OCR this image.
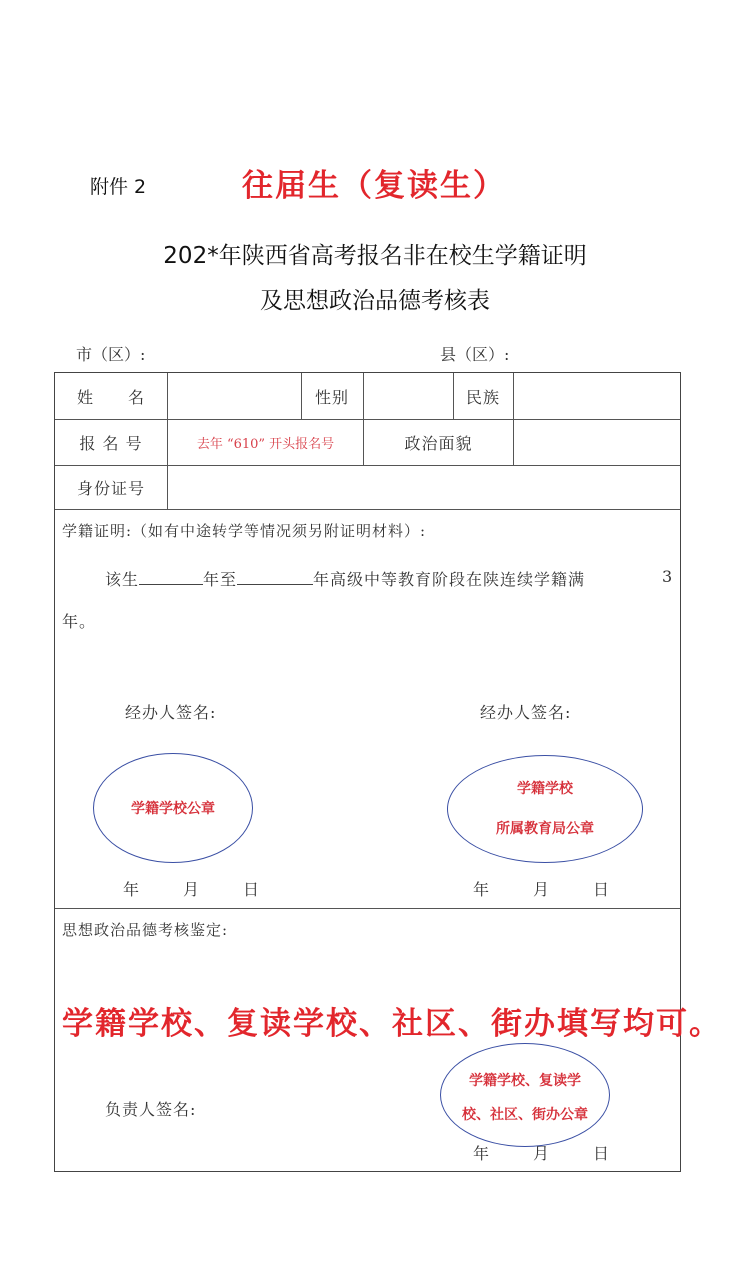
附件 2	往届生（复读生）
202*年陕西省高考报名非在校生学籍证明
及思想政治品德考核表
市（区）:	县（区）:
姓　　名	性别	民族
报 名 号	去年 “610” 开头报名号	政治面貌
身份证号
学籍证明:（如有中途转学等情况须另附证明材料）:
该生	年至	年高级中等教育阶段在陕连续学籍满	3
年。
经办人签名:	经办人签名:
学籍学校公章
学籍学校
所属教育局公章
年	月	日	年	月	日
思想政治品德考核鉴定:
学籍学校、复读学校、社区、街办填写均可。
负责人签名:
学籍学校、复读学
校、社区、街办公章
年	月	日
